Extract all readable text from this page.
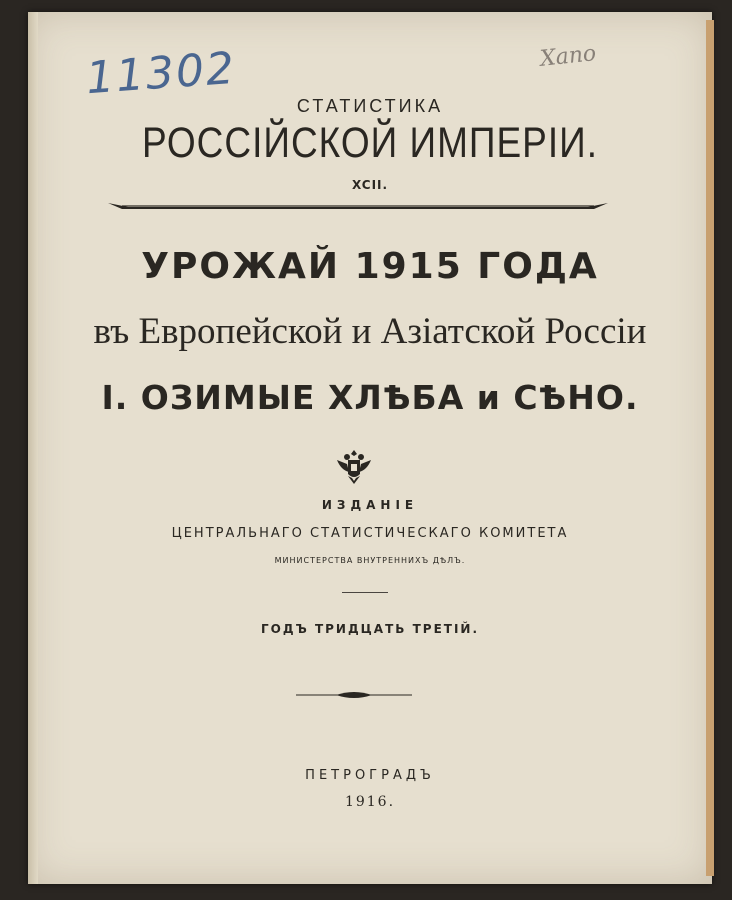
11302	Хапо
СТАТИСТИКА
РОССІЙСКОЙ ИМПЕРІИ.
XCII.
УРОЖАЙ 1915 ГОДА
въ Европейской и Азіатской Россіи
I. ОЗИМЫЕ ХЛѢБА и СѢНО.
ИЗДАНІЕ
ЦЕНТРАЛЬНАГО СТАТИСТИЧЕСКАГО КОМИТЕТА
МИНИСТЕРСТВА ВНУТРЕННИХЪ ДѢЛЪ.
ГОДЪ ТРИДЦАТЬ ТРЕТІЙ.
ПЕТРОГРАДЪ
1916.
